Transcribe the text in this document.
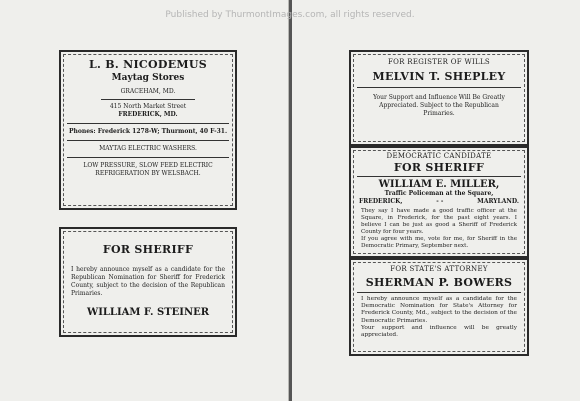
Published by ThurmontImages.com, all rights reserved.
L. B. NICODEMUS
Maytag Stores
GRACEHAM, MD.
415 North Market Street
FREDERICK, MD.
Phones: Frederick 1278-W; Thurmont, 40 F-31.
MAYTAG ELECTRIC WASHERS.
LOW PRESSURE, SLOW FEED ELECTRIC
REFRIGERATION BY WELSBACH.
FOR SHERIFF
I hereby announce myself as a candidate for the Republican Nomination for Sheriff for Frederick County, subject to the decision of the Republican Primaries.
WILLIAM F. STEINER
FOR REGISTER OF WILLS
MELVIN T. SHEPLEY
Your Support and Influence Will Be Greatly Appreciated. Subject to the Republican Primaries.
DEMOCRATIC CANDIDATE
FOR SHERIFF
WILLIAM E. MILLER,
Traffic Policeman at the Square,
FREDERICK,	- -	MARYLAND.
They say I have made a good traffic officer at the Square, in Frederick, for the past eight years. I believe I can be just as good a Sheriff of Frederick County for four years.
If you agree with me, vote for me, for Sheriff in the Democratic Primary, September next.
FOR STATE'S ATTORNEY
SHERMAN P. BOWERS
I hereby announce myself as a candidate for the Democratic Nomination for State's Attorney for Frederick County, Md., subject to the decision of the Democratic Primaries.
Your support and influence will be greatly appreciated.
